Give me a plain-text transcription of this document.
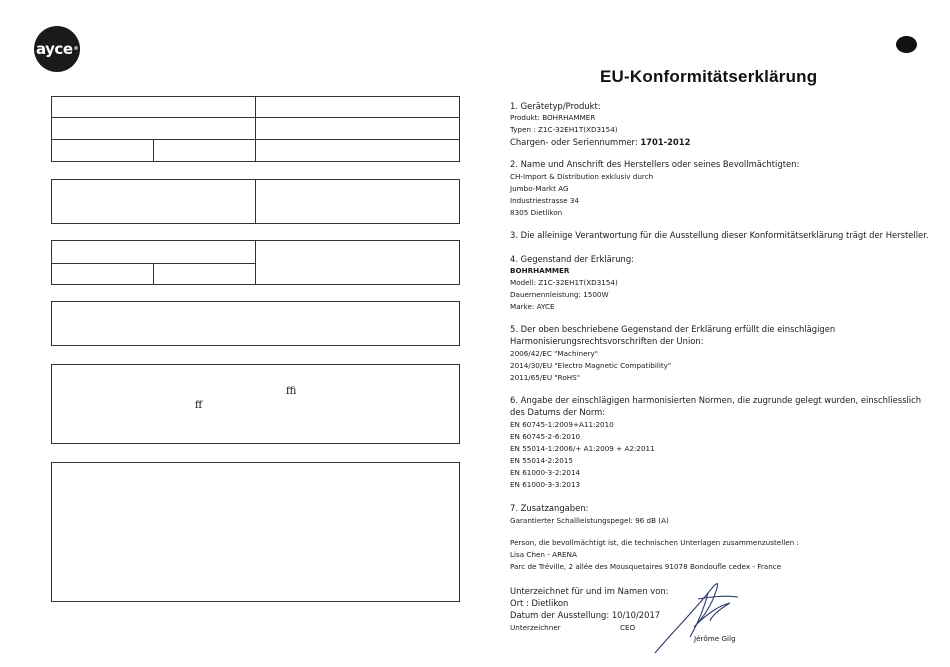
ayce ®
ﬃ
ﬀ
EU-Konformitätserklärung
1. Gerätetyp/Produkt:
Produkt: BOHRHAMMER
Typen : Z1C-32EH1T(XD3154)
Chargen- oder Seriennummer: 1701-2012
2. Name und Anschrift des Herstellers oder seines Bevollmächtigten:
CH-Import & Distribution exklusiv durch
Jumbo-Markt AG
Industriestrasse 34
8305 Dietlikon
3. Die alleinige Verantwortung für die Ausstellung dieser Konformitätserklärung trägt der Hersteller.
4. Gegenstand der Erklärung:
BOHRHAMMER
Modell: Z1C-32EH1T(XD3154)
Dauernennleistung: 1500W
Marke: AYCE
5. Der oben beschriebene Gegenstand der Erklärung erfüllt die einschlägigen
Harmonisierungsrechtsvorschriften der Union:
2006/42/EC "Machinery"
2014/30/EU "Electro Magnetic Compatibility"
2011/65/EU "RoHS"
6. Angabe der einschlägigen harmonisierten Normen, die zugrunde gelegt wurden, einschliesslich
des Datums der Norm:
EN 60745-1:2009+A11:2010
EN 60745-2-6:2010
EN 55014-1:2006/+ A1:2009 + A2:2011
EN 55014-2:2015
EN 61000-3-2:2014
EN 61000-3-3:2013
7. Zusatzangaben:
Garantierter Schallleistungspegel: 96 dB (A)
Person, die bevollmächtigt ist, die technischen Unterlagen zusammenzustellen :
Lisa Chen - ARENA
Parc de Tréville, 2 allée des Mousquetaires 91078 Bondoufle cedex - France
Unterzeichnet für und im Namen von:
Ort : Dietlikon
Datum der Ausstellung: 10/10/2017
Unterzeichner	CEO
Jérôme Gilg
